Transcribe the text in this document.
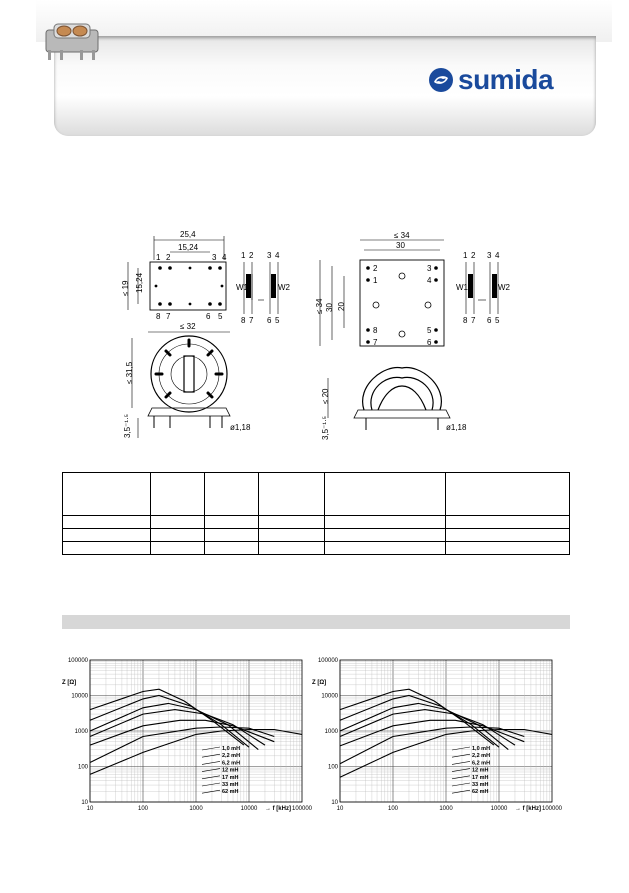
sumida
25,4
15,24
≤ 19 15,24
1 2	3 4
8 7	6 5
W1	W2
1 2 3 4
8 7 6 5
≤ 32
≤ 31,5
3,5⁻¹·⁵	ø1,18
≤ 34
30
≤ 34 30 20
2
1
8
7
3
4
5
6
W1	W2
1 2 3 4
8 7 6 5
≤ 20
3,5⁻¹·⁵	ø1,18

100000
10000
1000
100
10
10	100	1000	10000	100000
Z [Ω]
→ f [kHz]
1,0 mH
2,2 mH
6,2 mH
12 mH
17 mH
33 mH
62 mH
100000
10000
1000
100
10
10	100	1000	10000	100000
Z [Ω]
→ f [kHz]
1,0 mH
2,2 mH
6,2 mH
12 mH
17 mH
33 mH
62 mH
